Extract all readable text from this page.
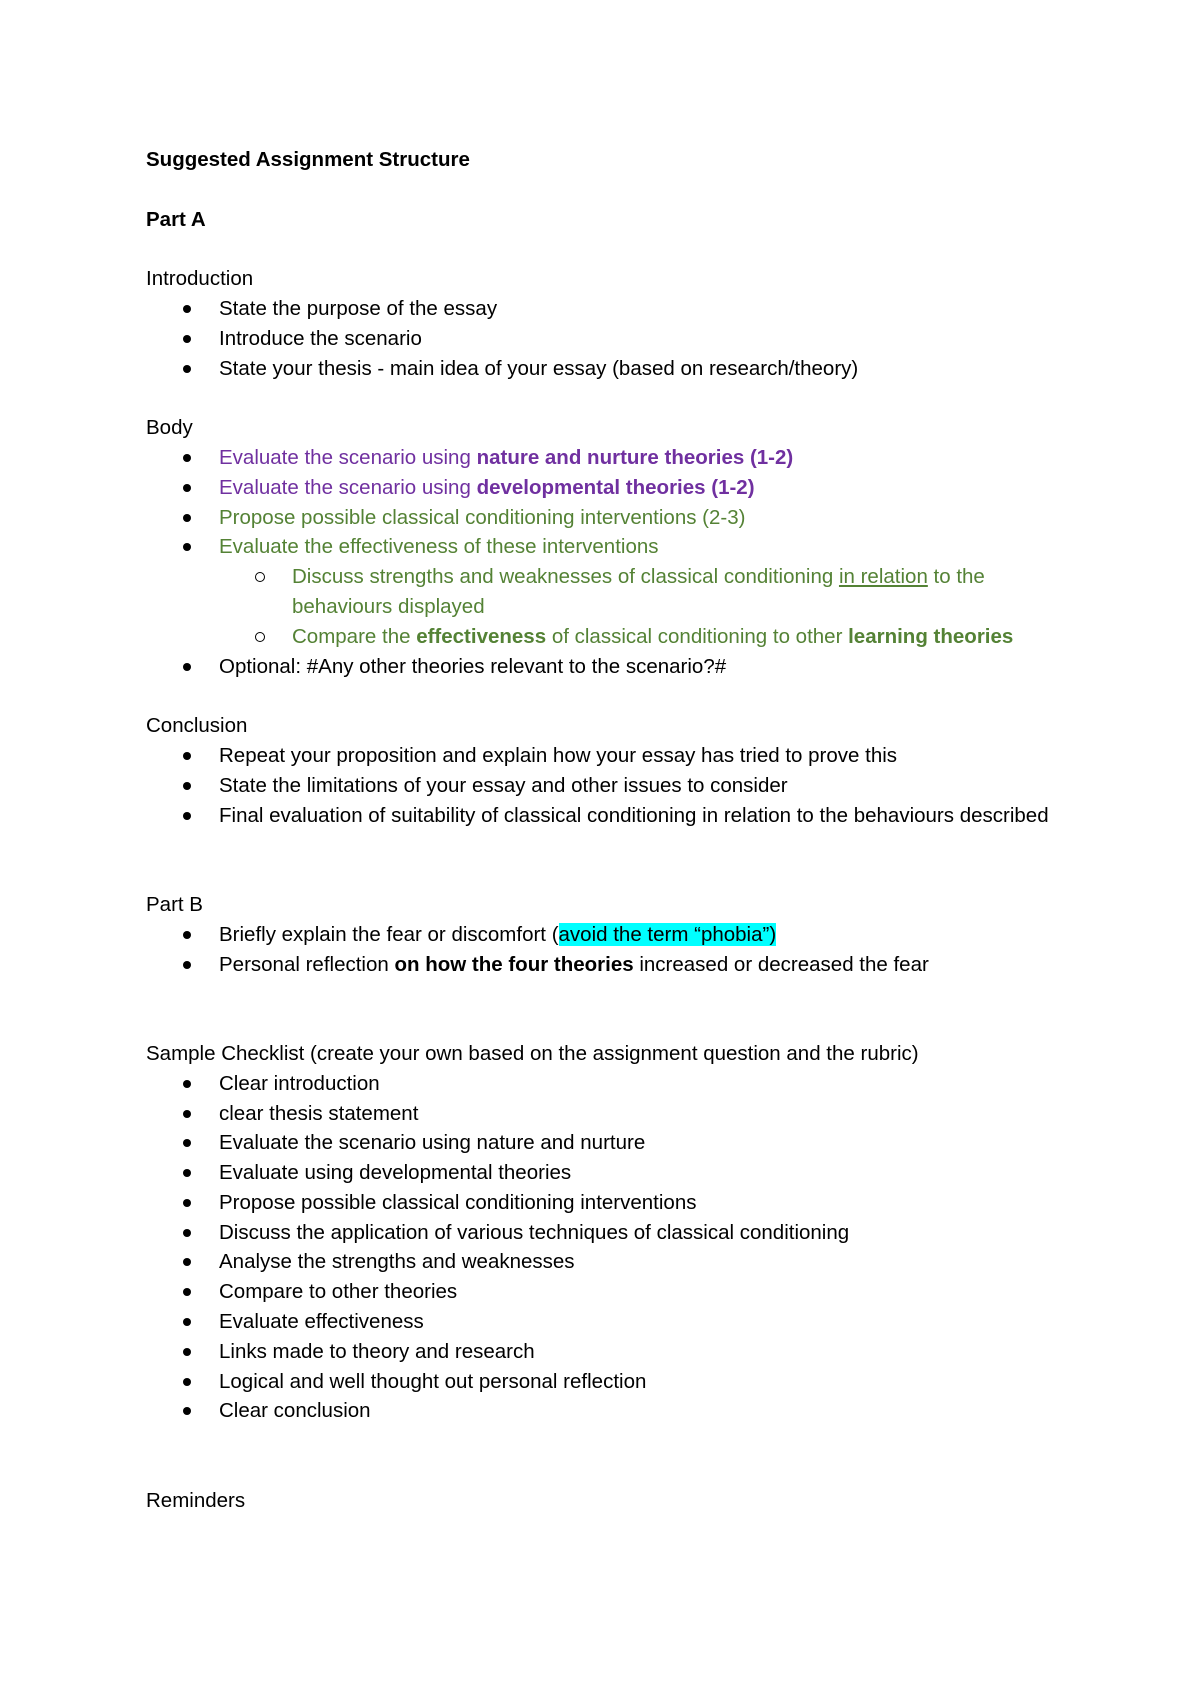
Suggested Assignment Structure

Part A

Introduction

State the purpose of the essay
Introduce the scenario
State your thesis - main idea of your essay (based on research/theory)

Body

Evaluate the scenario using nature and nurture theories (1-2)
Evaluate the scenario using developmental theories (1-2)
Propose possible classical conditioning interventions (2-3)
Evaluate the effectiveness of these interventions
Discuss strengths and weaknesses of classical conditioning in relation to the behaviours displayed
Compare the effectiveness of classical conditioning to other learning theories
Optional: #Any other theories relevant to the scenario?#

Conclusion

Repeat your proposition and explain how your essay has tried to prove this
State the limitations of your essay and other issues to consider
Final evaluation of suitability of classical conditioning in relation to the behaviours described

Part B

Briefly explain the fear or discomfort (avoid the term “phobia”)
Personal reflection on how the four theories increased or decreased the fear

Sample Checklist (create your own based on the assignment question and the rubric)

Clear introduction
clear thesis statement
Evaluate the scenario using nature and nurture
Evaluate using developmental theories
Propose possible classical conditioning interventions
Discuss the application of various techniques of classical conditioning
Analyse the strengths and weaknesses
Compare to other theories
Evaluate effectiveness
Links made to theory and research
Logical and well thought out personal reflection
Clear conclusion

Reminders
